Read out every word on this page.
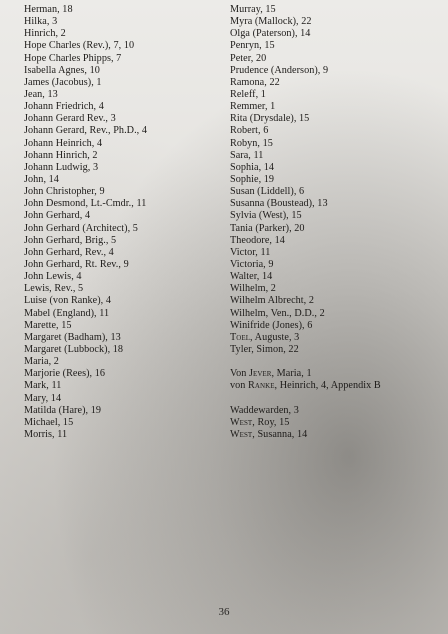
Herman, 18
Hilka, 3
Hinrich, 2
Hope Charles (Rev.), 7, 10
Hope Charles Phipps, 7
Isabella Agnes, 10
James (Jacobus), 1
Jean, 13
Johann Friedrich, 4
Johann Gerard Rev., 3
Johann Gerard, Rev., Ph.D., 4
Johann Heinrich, 4
Johann Hinrich, 2
Johann Ludwig, 3
John, 14
John Christopher, 9
John Desmond, Lt.-Cmdr., 11
John Gerhard, 4
John Gerhard (Architect), 5
John Gerhard, Brig., 5
John Gerhard, Rev., 4
John Gerhard, Rt. Rev., 9
John Lewis, 4
Lewis, Rev., 5
Luise (von Ranke), 4
Mabel (England), 11
Marette, 15
Margaret (Badham), 13
Margaret (Lubbock), 18
Maria, 2
Marjorie (Rees), 16
Mark, 11
Mary, 14
Matilda (Hare), 19
Michael, 15
Morris, 11
Murray, 15
Myra (Mallock), 22
Olga (Paterson), 14
Penryn, 15
Peter, 20
Prudence (Anderson), 9
Ramona, 22
Releff, 1
Remmer, 1
Rita (Drysdale), 15
Robert, 6
Robyn, 15
Sara, 11
Sophia, 14
Sophie, 19
Susan (Liddell), 6
Susanna (Boustead), 13
Sylvia (West), 15
Tania (Parker), 20
Theodore, 14
Victor, 11
Victoria, 9
Walter, 14
Wilhelm, 2
Wilhelm Albrecht, 2
Wilhelm, Ven., D.D., 2
Winifride (Jones), 6
Toel, Auguste, 3
Tyler, Simon, 22
Von Jever, Maria, 1
von Ranke, Heinrich, 4, Appendix B
Waddewarden, 3
West, Roy, 15
West, Susanna, 14
36
